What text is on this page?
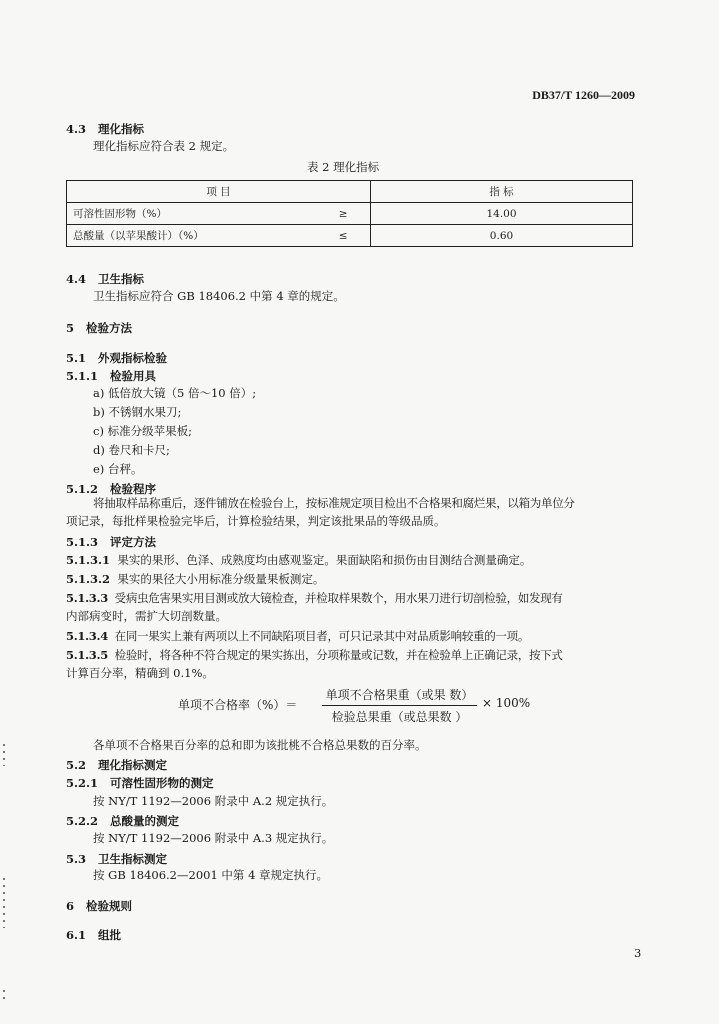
DB37/T 1260—2009
4.3 理化指标
理化指标应符合表 2 规定。
表 2 理化指标
项 目		指 标
可溶性固形物（%）	≥	14.00
总酸量（以苹果酸计）（%）	≤	0.60
4.4 卫生指标
卫生指标应符合 GB 18406.2 中第 4 章的规定。
5 检验方法
5.1 外观指标检验
5.1.1 检验用具
a) 低倍放大镜（5 倍～10 倍）;
b) 不锈钢水果刀;
c) 标准分级苹果板;
d) 卷尺和卡尺;
e) 台秤。
5.1.2 检验程序
将抽取样品称重后，逐件铺放在检验台上，按标准规定项目检出不合格果和腐烂果，以箱为单位分
项记录，每批样果检验完毕后，计算检验结果，判定该批果品的等级品质。
5.1.3 评定方法
5.1.3.1 果实的果形、色泽、成熟度均由感观鉴定。果面缺陷和损伤由目测结合测量确定。
5.1.3.2 果实的果径大小用标准分级量果板测定。
5.1.3.3 受病虫危害果实用目测或放大镜检查，并检取样果数个，用水果刀进行切剖检验，如发现有
内部病变时，需扩大切剖数量。
5.1.3.4 在同一果实上兼有两项以上不同缺陷项目者，可只记录其中对品质影响较重的一项。
5.1.3.5 检验时，将各种不符合规定的果实拣出，分项称量或记数，并在检验单上正确记录，按下式
计算百分率，精确到 0.1%。
单项不合格率（%）＝
单项不合格果重（或果 数）
检验总果重（或总果数 ）
× 100%
各单项不合格果百分率的总和即为该批桃不合格总果数的百分率。
5.2 理化指标测定
5.2.1 可溶性固形物的测定
按 NY/T 1192—2006 附录中 A.2 规定执行。
5.2.2 总酸量的测定
按 NY/T 1192—2006 附录中 A.3 规定执行。
5.3 卫生指标测定
按 GB 18406.2—2001 中第 4 章规定执行。
6 检验规则
6.1 组批
3
